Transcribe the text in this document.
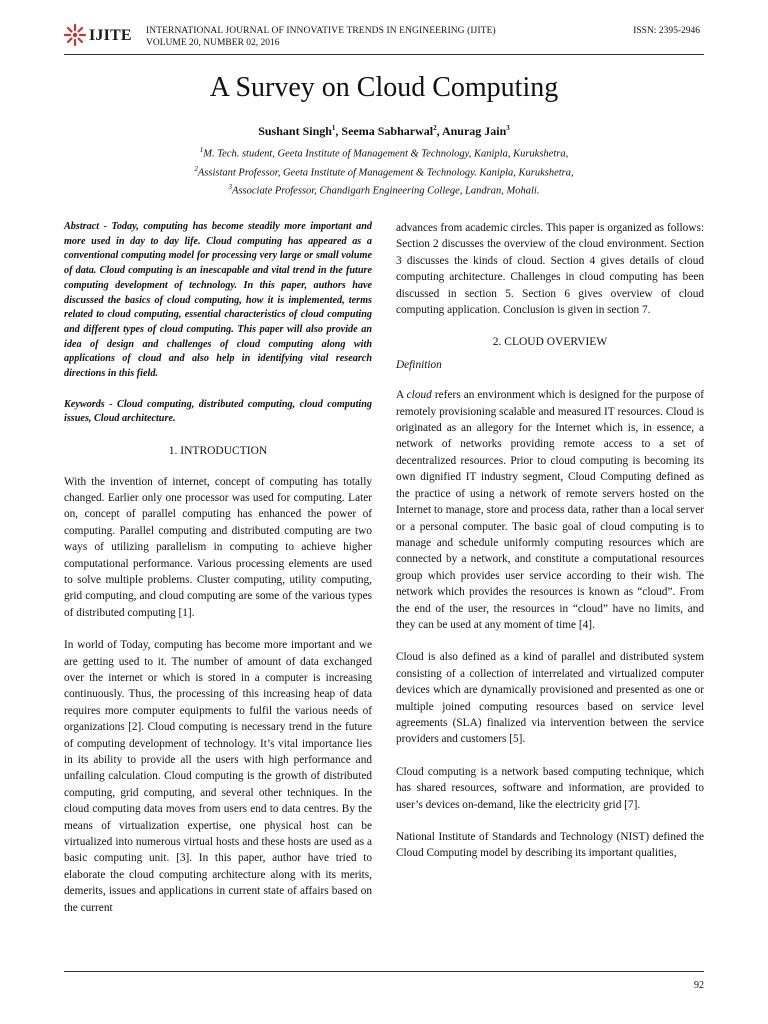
IJITE INTERNATIONAL JOURNAL OF INNOVATIVE TRENDS IN ENGINEERING (IJITE)
VOLUME 20, NUMBER 02, 2016
ISSN: 2395-2946
A Survey on Cloud Computing
Sushant Singh$^1$, Seema Sabharwal$^2$, Anurag Jain$^3$
$^1$M. Tech. student, Geeta Institute of Management & Technology, Kanipla, Kurukshetra,
$^2$Assistant Professor, Geeta Institute of Management & Technology. Kanipla, Kurukshetra,
$^3$Associate Professor, Chandigarh Engineering College, Landran, Mohali.

Abstract - Today, computing has become steadily more important and more used in day to day life. Cloud computing has appeared as a conventional computing model for processing very large or small volume of data. Cloud computing is an inescapable and vital trend in the future computing development of technology. In this paper, authors have discussed the basics of cloud computing, how it is implemented, terms related to cloud computing, essential characteristics of cloud computing and different types of cloud computing. This paper will also provide an idea of design and challenges of cloud computing along with applications of cloud and also help in identifying vital research directions in this field.

Keywords - Cloud computing, distributed computing, cloud computing issues, Cloud architecture.

1. INTRODUCTION

With the invention of internet, concept of computing has totally changed. Earlier only one processor was used for computing. Later on, concept of parallel computing has enhanced the power of computing. Parallel computing and distributed computing are two ways of utilizing parallelism in computing to achieve higher computational performance. Various processing elements are used to solve multiple problems. Cluster computing, utility computing, grid computing, and cloud computing are some of the various types of distributed computing [1].

In world of Today, computing has become more important and we are getting used to it. The number of amount of data exchanged over the internet or which is stored in a computer is increasing continuously. Thus, the processing of this increasing heap of data requires more computer equipments to fulfil the various needs of organizations [2]. Cloud computing is necessary trend in the future of computing development of technology. It’s vital importance lies in its ability to provide all the users with high performance and unfailing calculation. Cloud computing is the growth of distributed computing, grid computing, and several other techniques. In the cloud computing data moves from users end to data centres. By the means of virtualization expertise, one physical host can be virtualized into numerous virtual hosts and these hosts are used as a basic computing unit. [3]. In this paper, author have tried to elaborate the cloud computing architecture along with its merits, demerits, issues and applications in current state of affairs based on the current

advances from academic circles. This paper is organized as follows: Section 2 discusses the overview of the cloud environment. Section 3 discusses the kinds of cloud. Section 4 gives details of cloud computing architecture. Challenges in cloud computing has been discussed in section 5. Section 6 gives overview of cloud computing application. Conclusion is given in section 7.

2. CLOUD OVERVIEW
Definition

A cloud refers an environment which is designed for the purpose of remotely provisioning scalable and measured IT resources. Cloud is originated as an allegory for the Internet which is, in essence, a network of networks providing remote access to a set of decentralized resources. Prior to cloud computing is becoming its own dignified IT industry segment, Cloud Computing defined as the practice of using a network of remote servers hosted on the Internet to manage, store and process data, rather than a local server or a personal computer. The basic goal of cloud computing is to manage and schedule uniformly computing resources which are connected by a network, and constitute a computational resources group which provides user service according to their wish. The network which provides the resources is known as “cloud”. From the end of the user, the resources in “cloud” have no limits, and they can be used at any moment of time [4].

Cloud is also defined as a kind of parallel and distributed system consisting of a collection of interrelated and virtualized computer devices which are dynamically provisioned and presented as one or multiple joined computing resources based on service level agreements (SLA) finalized via intervention between the service providers and customers [5].

Cloud computing is a network based computing technique, which has shared resources, software and information, are provided to user’s devices on-demand, like the electricity grid [7].

National Institute of Standards and Technology (NIST) defined the Cloud Computing model by describing its important qualities,

92
